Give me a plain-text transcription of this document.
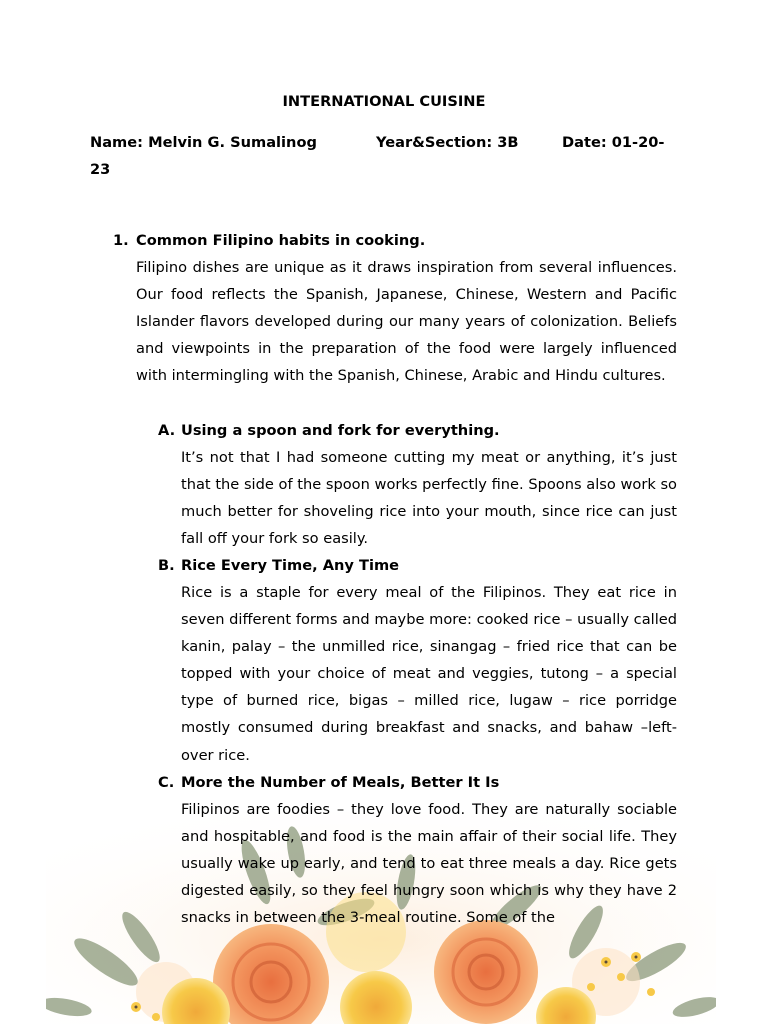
INTERNATIONAL CUISINE
Name: Melvin G. Sumalinog	Year&Section: 3B	Date: 01-20-
23
1. Common Filipino habits in cooking.
Filipino dishes are unique as it draws inspiration from several influences. Our food reflects the Spanish, Japanese, Chinese, Western and Pacific Islander flavors developed during our many years of colonization. Beliefs and viewpoints in the preparation of the food were largely influenced with intermingling with the Spanish, Chinese, Arabic and Hindu cultures.
A. Using a spoon and fork for everything.
It’s not that I had someone cutting my meat or anything, it’s just that the side of the spoon works perfectly fine. Spoons also work so much better for shoveling rice into your mouth, since rice can just fall off your fork so easily.
B. Rice Every Time, Any Time
Rice is a staple for every meal of the Filipinos. They eat rice in seven different forms and maybe more: cooked rice – usually called kanin, palay – the unmilled rice, sinangag – fried rice that can be topped with your choice of meat and veggies, tutong – a special type of burned rice, bigas – milled rice, lugaw – rice porridge mostly consumed during breakfast and snacks, and bahaw –left-over rice.
C. More the Number of Meals, Better It Is
Filipinos are foodies – they love food. They are naturally sociable and hospitable, and food is the main affair of their social life. They usually wake up early, and tend to eat three meals a day. Rice gets digested easily, so they feel hungry soon which is why they have 2 snacks in between the 3-meal routine. Some of the
